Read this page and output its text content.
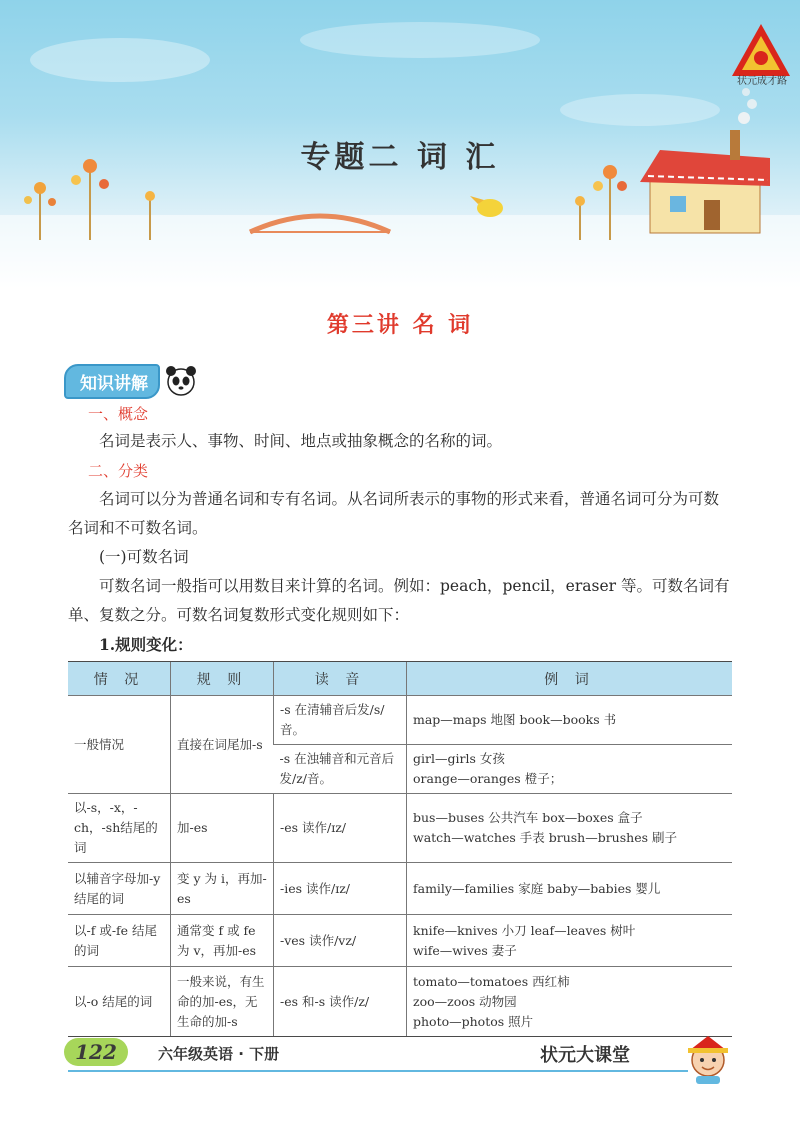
专题二 词 汇
状元成才路
第三讲 名 词
知识讲解
一、概念
名词是表示人、事物、时间、地点或抽象概念的名称的词。
二、分类
名词可以分为普通名词和专有名词。从名词所表示的事物的形式来看，普通名词可分为可数名词和不可数名词。
(一)可数名词
可数名词一般指可以用数目来计算的名词。例如：peach，pencil，eraser 等。可数名词有单、复数之分。可数名词复数形式变化规则如下：
1.规则变化：
情 况	规 则	读 音	例 词
一般情况	直接在词尾加-s	-s 在清辅音后发/s/音。	map—maps 地图 book—books 书

		-s 在浊辅音和元音后发/z/音。	girl—girls 女孩
orange—oranges 橙子；

以-s，-x，-ch，-sh结尾的词	加-es	-es 读作/ɪz/	bus—buses 公共汽车 box—boxes 盒子
watch—watches 手表 brush—brushes 刷子

以辅音字母加-y结尾的词	变 y 为 i，再加-es	-ies 读作/ɪz/	family—families 家庭 baby—babies 婴儿

以-f 或-fe 结尾的词	通常变 f 或 fe 为 v，再加-es	-ves 读作/vz/	knife—knives 小刀 leaf—leaves 树叶
wife—wives 妻子

以-o 结尾的词	一般来说，有生命的加-es，无生命的加-s	-es 和-s 读作/z/	tomato—tomatoes 西红柿
zoo—zoos 动物园
photo—photos 照片
122	六年级英语 · 下册	状元大课堂
